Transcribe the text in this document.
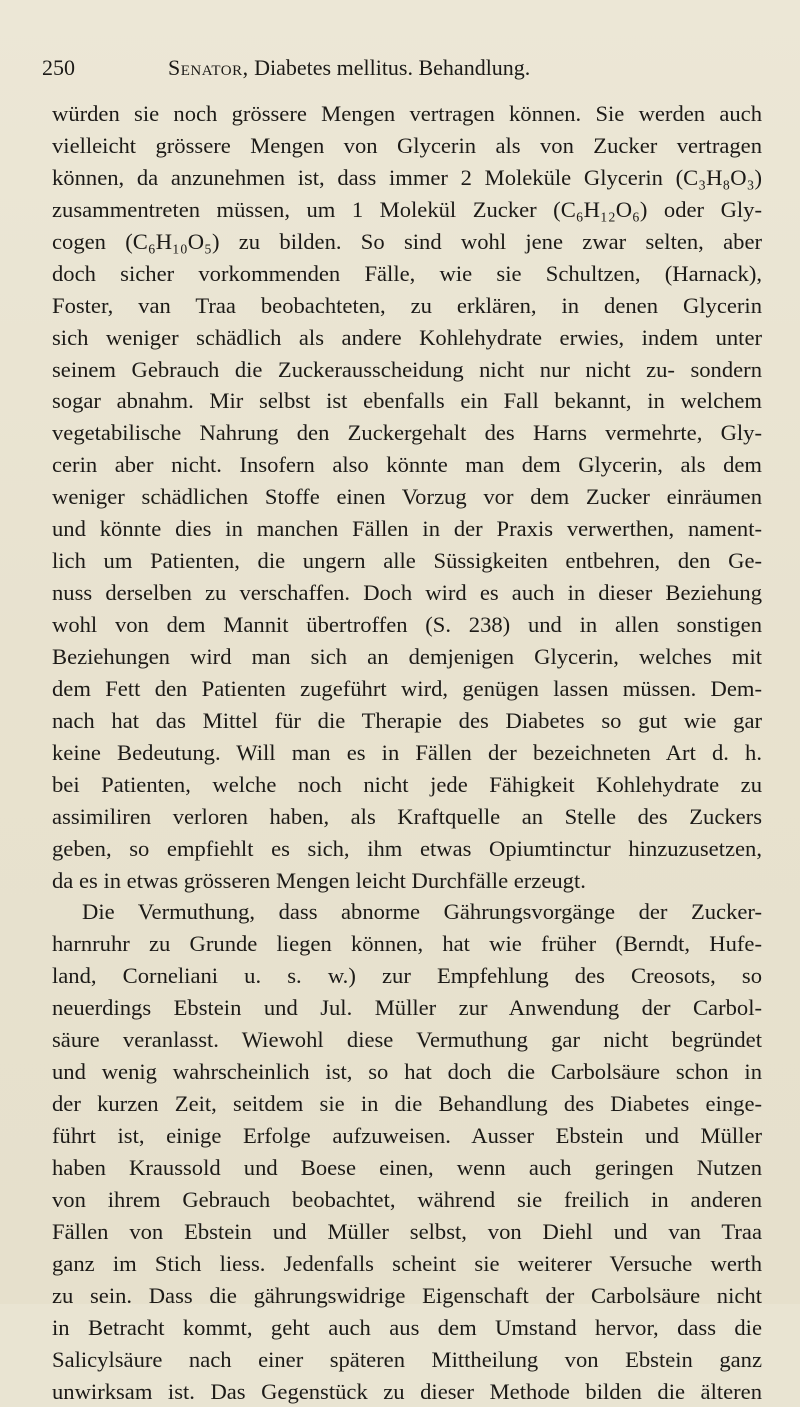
250	Senator, Diabetes mellitus. Behandlung.
würden sie noch grössere Mengen vertragen können. Sie werden auch
vielleicht grössere Mengen von Glycerin als von Zucker vertragen
können, da anzunehmen ist, dass immer 2 Moleküle Glycerin (C₃H₈O₃)
zusammentreten müssen, um 1 Molekül Zucker (C₆H₁₂O₆) oder Gly-
cogen (C₆H₁₀O₅) zu bilden. So sind wohl jene zwar selten, aber
doch sicher vorkommenden Fälle, wie sie Schultzen, (Harnack),
Foster, van Traa beobachteten, zu erklären, in denen Glycerin
sich weniger schädlich als andere Kohlehydrate erwies, indem unter
seinem Gebrauch die Zuckerausscheidung nicht nur nicht zu- sondern
sogar abnahm. Mir selbst ist ebenfalls ein Fall bekannt, in welchem
vegetabilische Nahrung den Zuckergehalt des Harns vermehrte, Gly-
cerin aber nicht. Insofern also könnte man dem Glycerin, als dem
weniger schädlichen Stoffe einen Vorzug vor dem Zucker einräumen
und könnte dies in manchen Fällen in der Praxis verwerthen, nament-
lich um Patienten, die ungern alle Süssigkeiten entbehren, den Ge-
nuss derselben zu verschaffen. Doch wird es auch in dieser Beziehung
wohl von dem Mannit übertroffen (S. 238) und in allen sonstigen
Beziehungen wird man sich an demjenigen Glycerin, welches mit
dem Fett den Patienten zugeführt wird, genügen lassen müssen. Dem-
nach hat das Mittel für die Therapie des Diabetes so gut wie gar
keine Bedeutung. Will man es in Fällen der bezeichneten Art d. h.
bei Patienten, welche noch nicht jede Fähigkeit Kohlehydrate zu
assimiliren verloren haben, als Kraftquelle an Stelle des Zuckers
geben, so empfiehlt es sich, ihm etwas Opiumtinctur hinzuzusetzen,
da es in etwas grösseren Mengen leicht Durchfälle erzeugt.
Die Vermuthung, dass abnorme Gährungsvorgänge der Zucker-
harnruhr zu Grunde liegen können, hat wie früher (Berndt, Hufe-
land, Corneliani u. s. w.) zur Empfehlung des Creosots, so
neuerdings Ebstein und Jul. Müller zur Anwendung der Carbol-
säure veranlasst. Wiewohl diese Vermuthung gar nicht begründet
und wenig wahrscheinlich ist, so hat doch die Carbolsäure schon in
der kurzen Zeit, seitdem sie in die Behandlung des Diabetes einge-
führt ist, einige Erfolge aufzuweisen. Ausser Ebstein und Müller
haben Kraussold und Boese einen, wenn auch geringen Nutzen
von ihrem Gebrauch beobachtet, während sie freilich in anderen
Fällen von Ebstein und Müller selbst, von Diehl und van Traa
ganz im Stich liess. Jedenfalls scheint sie weiterer Versuche werth
zu sein. Dass die gährungswidrige Eigenschaft der Carbolsäure nicht
in Betracht kommt, geht auch aus dem Umstand hervor, dass die
Salicylsäure nach einer späteren Mittheilung von Ebstein ganz
unwirksam ist. Das Gegenstück zu dieser Methode bilden die älteren
